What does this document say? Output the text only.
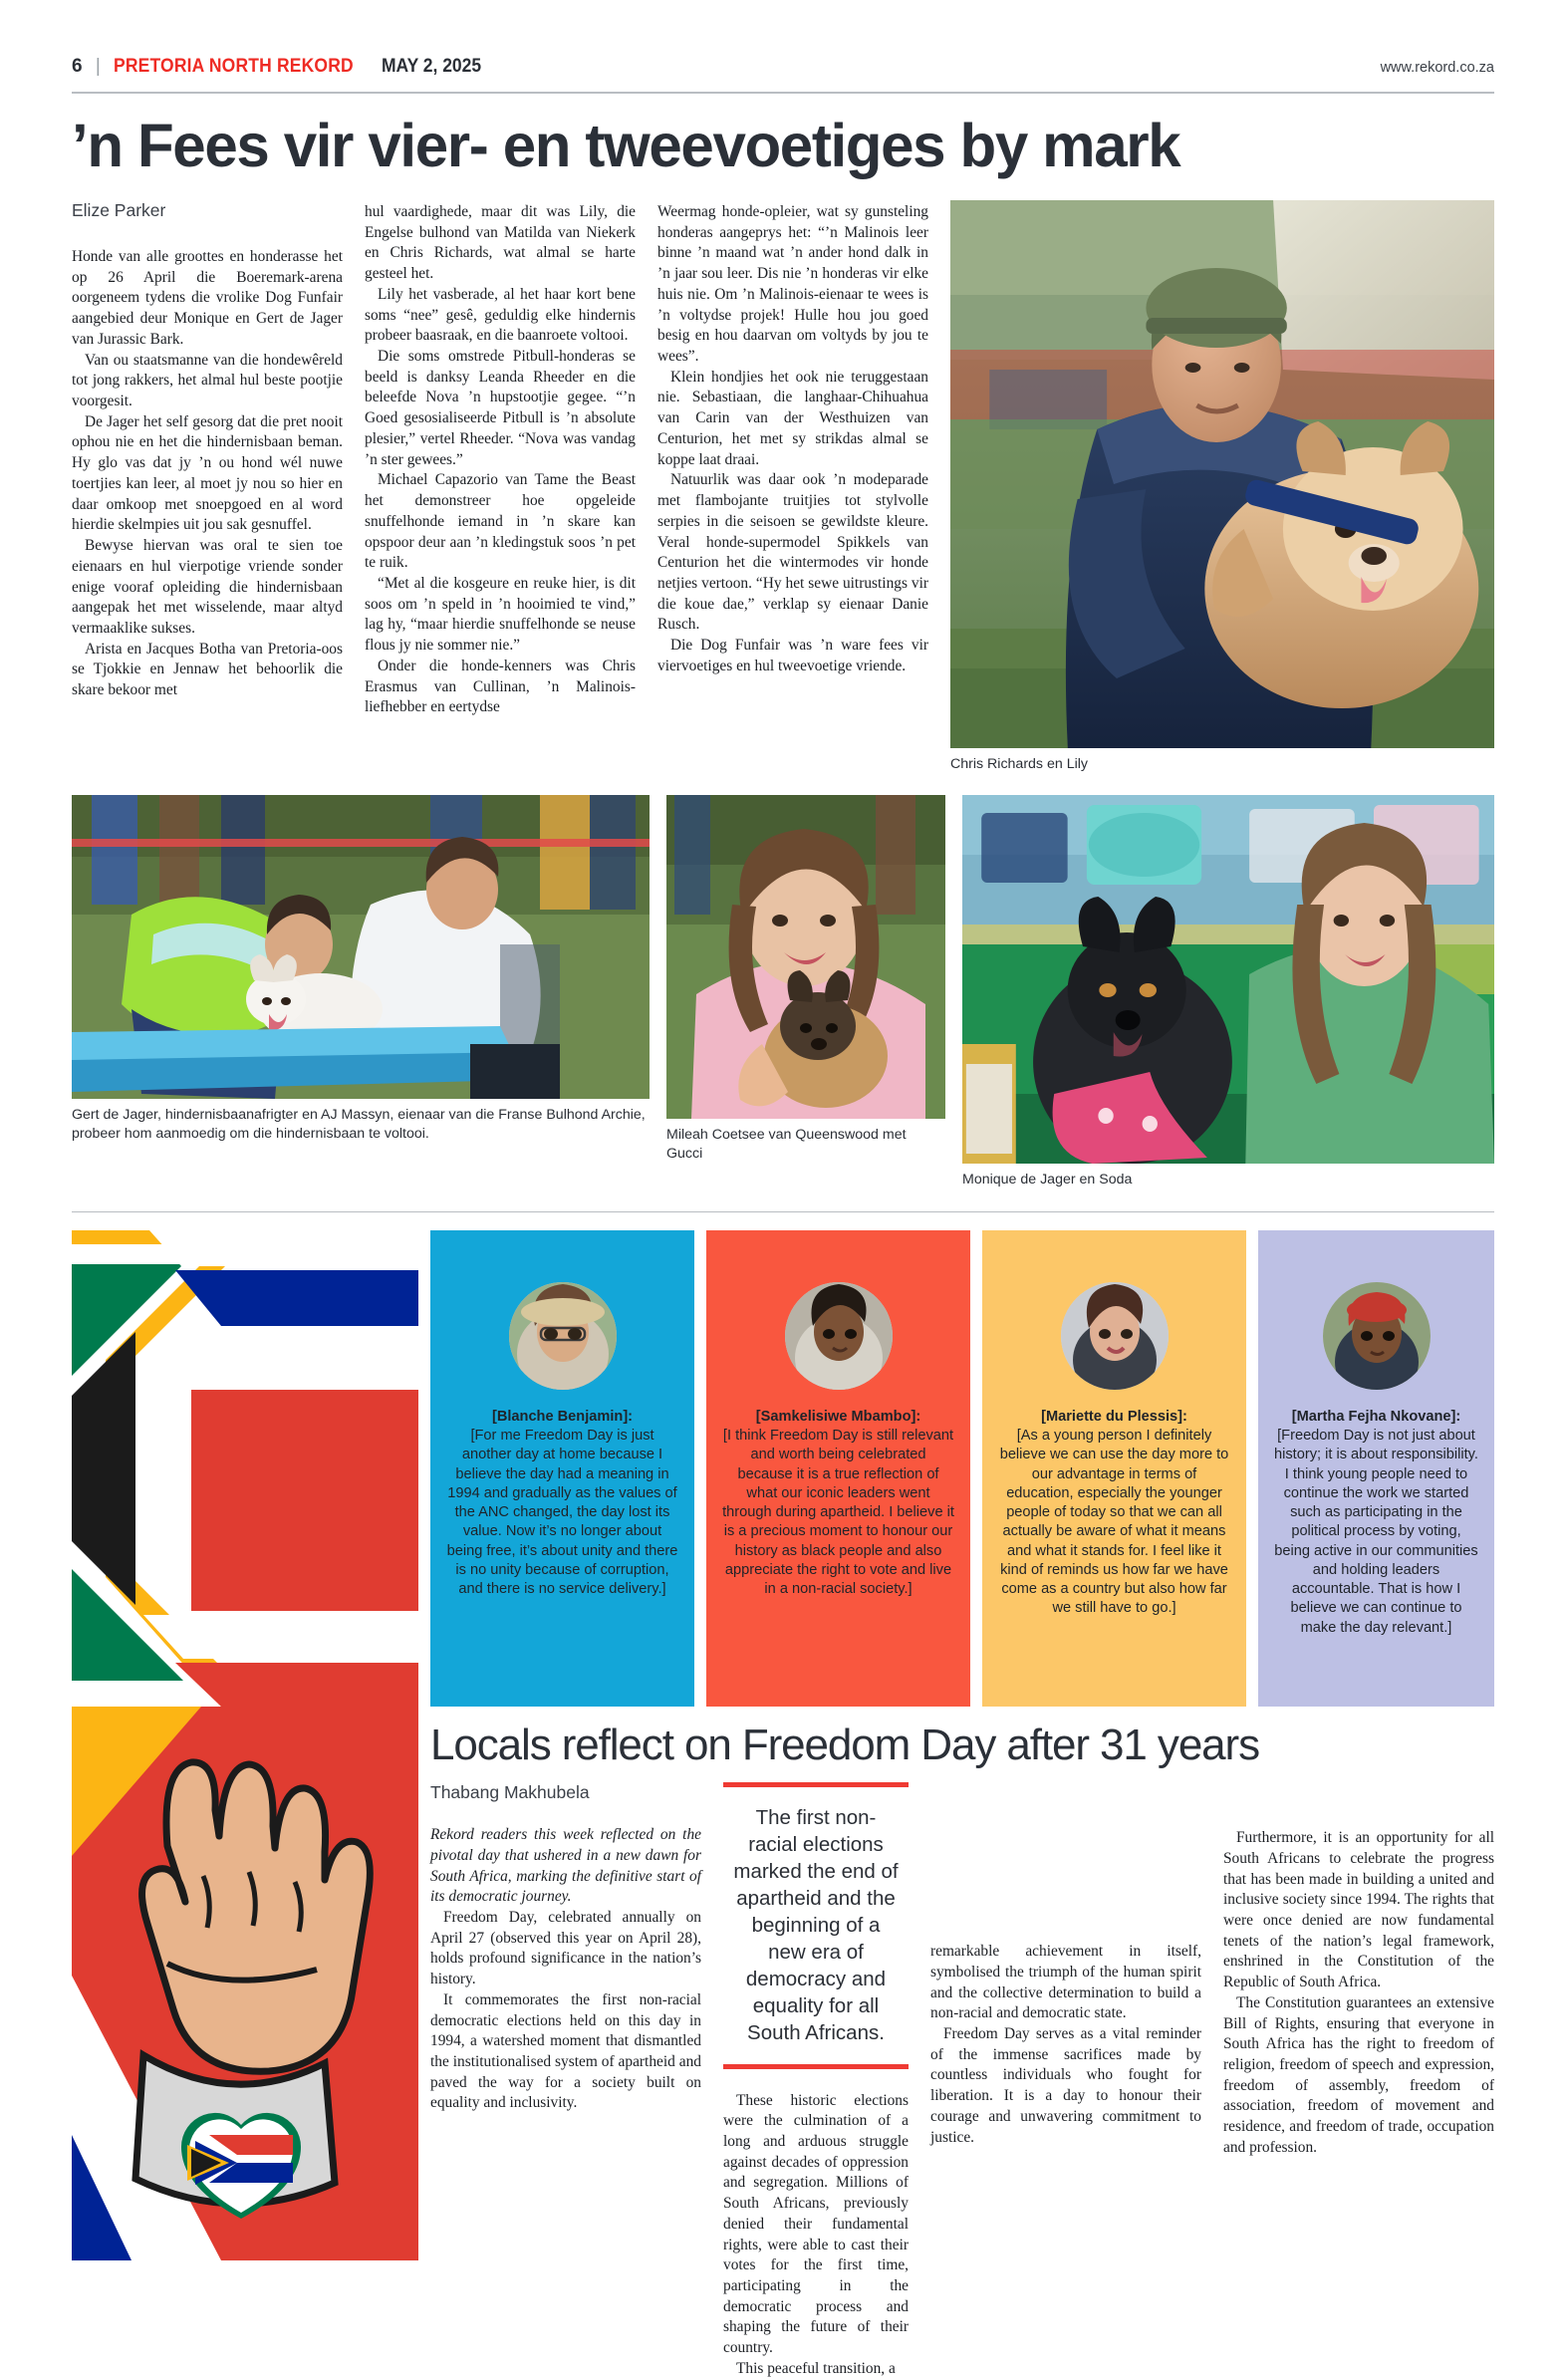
6 | PRETORIA NORTH REKORD MAY 2, 2025	www.rekord.co.za
’n Fees vir vier- en tweevoetiges by mark
Elize Parker

Honde van alle groottes en honderasse het op 26 April die Boeremark-arena oorgeneem tydens die vrolike Dog Funfair aangebied deur Monique en Gert de Jager van Jurassic Bark.

Van ou staatsmanne van die hondewêreld tot jong rakkers, het almal hul beste pootjie voorgesit.

De Jager het self gesorg dat die pret nooit ophou nie en het die hindernisbaan beman. Hy glo vas dat jy ’n ou hond wél nuwe toertjies kan leer, al moet jy nou so hier en daar omkoop met snoepgoed en al word hierdie skelmpies uit jou sak gesnuffel.

Bewyse hiervan was oral te sien toe eienaars en hul vierpotige vriende sonder enige vooraf opleiding die hindernisbaan aangepak het met wisselende, maar altyd vermaaklike sukses.

Arista en Jacques Botha van Pretoria-oos se Tjokkie en Jennaw het behoorlik die skare bekoor met

hul vaardighede, maar dit was Lily, die Engelse bulhond van Matilda van Niekerk en Chris Richards, wat almal se harte gesteel het.

Lily het vasberade, al het haar kort bene soms “nee” gesê, geduldig elke hindernis probeer baasraak, en die baanroete voltooi.

Die soms omstrede Pitbull-honderas se beeld is danksy Leanda Rheeder en die beleefde Nova ’n hupstootjie gegee. “’n Goed gesosialiseerde Pitbull is ’n absolute plesier,” vertel Rheeder. “Nova was vandag ’n ster gewees.”

Michael Capazorio van Tame the Beast het demonstreer hoe opgeleide snuffelhonde iemand in ’n skare kan opspoor deur aan ’n kledingstuk soos ’n pet te ruik.

“Met al die kosgeure en reuke hier, is dit soos om ’n speld in ’n hooimied te vind,” lag hy, “maar hierdie snuffelhonde se neuse flous jy nie sommer nie.”

Onder die honde-kenners was Chris Erasmus van Cullinan, ’n Malinois-liefhebber en eertydse

Weermag honde-opleier, wat sy gunsteling honderas aangeprys het: “’n Malinois leer binne ’n maand wat ’n ander hond dalk in ’n jaar sou leer. Dis nie ’n honderas vir elke huis nie. Om ’n Malinois-eienaar te wees is ’n voltydse projek! Hulle hou jou goed besig en hou daarvan om voltyds by jou te wees”.

Klein hondjies het ook nie teruggestaan nie. Sebastiaan, die langhaar-Chihuahua van Carin van der Westhuizen van Centurion, het met sy strikdas almal se koppe laat draai.

Natuurlik was daar ook ’n modeparade met flambojante truitjies tot stylvolle serpies in die seisoen se gewildste kleure. Veral honde-supermodel Spikkels van Centurion het die wintermodes vir honde netjies vertoon. “Hy het sewe uitrustings vir die koue dae,” verklap sy eienaar Danie Rusch.

Die Dog Funfair was ’n ware fees vir viervoetiges en hul tweevoetige vriende.

Chris Richards en Lily
Gert de Jager, hindernisbaanafrigter en AJ Massyn, eienaar van die Franse Bulhond Archie, probeer hom aanmoedig om die hindernisbaan te voltooi.	Mileah Coetsee van Queenswood met Gucci
Monique de Jager en Soda
[Blanche Benjamin]:
[For me Freedom Day is just another day at home because I believe the day had a meaning in 1994 and gradually as the values of the ANC changed, the day lost its value. Now it’s no longer about being free, it’s about unity and there is no unity because of corruption, and there is no service delivery.]
[Samkelisiwe Mbambo]:
[I think Freedom Day is still relevant and worth being celebrated because it is a true reflection of what our iconic leaders went through during apartheid. I believe it is a precious moment to honour our history as black people and also appreciate the right to vote and live in a non-racial society.]
[Mariette du Plessis]:
[As a young person I definitely believe we can use the day more to our advantage in terms of education, especially the younger people of today so that we can all actually be aware of what it means and what it stands for. I feel like it kind of reminds us how far we have come as a country but also how far we still have to go.]
[Martha Fejha Nkovane]:
[Freedom Day is not just about history; it is about responsibility. I think young people need to continue the work we started such as participating in the political process by voting, being active in our communities and holding leaders accountable. That is how I believe we can continue to make the day relevant.]
Locals reflect on Freedom Day after 31 years
Thabang Makhubela

Rekord readers this week reflected on the pivotal day that ushered in a new dawn for South Africa, marking the definitive start of its democratic journey.

Freedom Day, celebrated annually on April 27 (observed this year on April 28), holds profound significance in the nation’s history.

It commemorates the first non-racial democratic elections held on this day in 1994, a watershed moment that dismantled the institutionalised system of apartheid and paved the way for a society built on equality and inclusivity.

The first non-racial elections marked the end of apartheid and the beginning of a new era of democracy and equality for all South Africans.

These historic elections were the culmination of a long and arduous struggle against decades of oppression and segregation. Millions of South Africans, previously denied their fundamental rights, were able to cast their votes for the first time, participating in the democratic process and shaping the future of their country.

This peaceful transition, a

remarkable achievement in itself, symbolised the triumph of the human spirit and the collective determination to build a non-racial and democratic state.

Freedom Day serves as a vital reminder of the immense sacrifices made by countless individuals who fought for liberation. It is a day to honour their courage and unwavering commitment to justice.

Furthermore, it is an opportunity for all South Africans to celebrate the progress that has been made in building a united and inclusive society since 1994. The rights that were once denied are now fundamental tenets of the nation’s legal framework, enshrined in the Constitution of the Republic of South Africa.

The Constitution guarantees an extensive Bill of Rights, ensuring that everyone in South Africa has the right to freedom of religion, freedom of speech and expression, freedom of assembly, freedom of association, freedom of movement and residence, and freedom of trade, occupation and profession.
